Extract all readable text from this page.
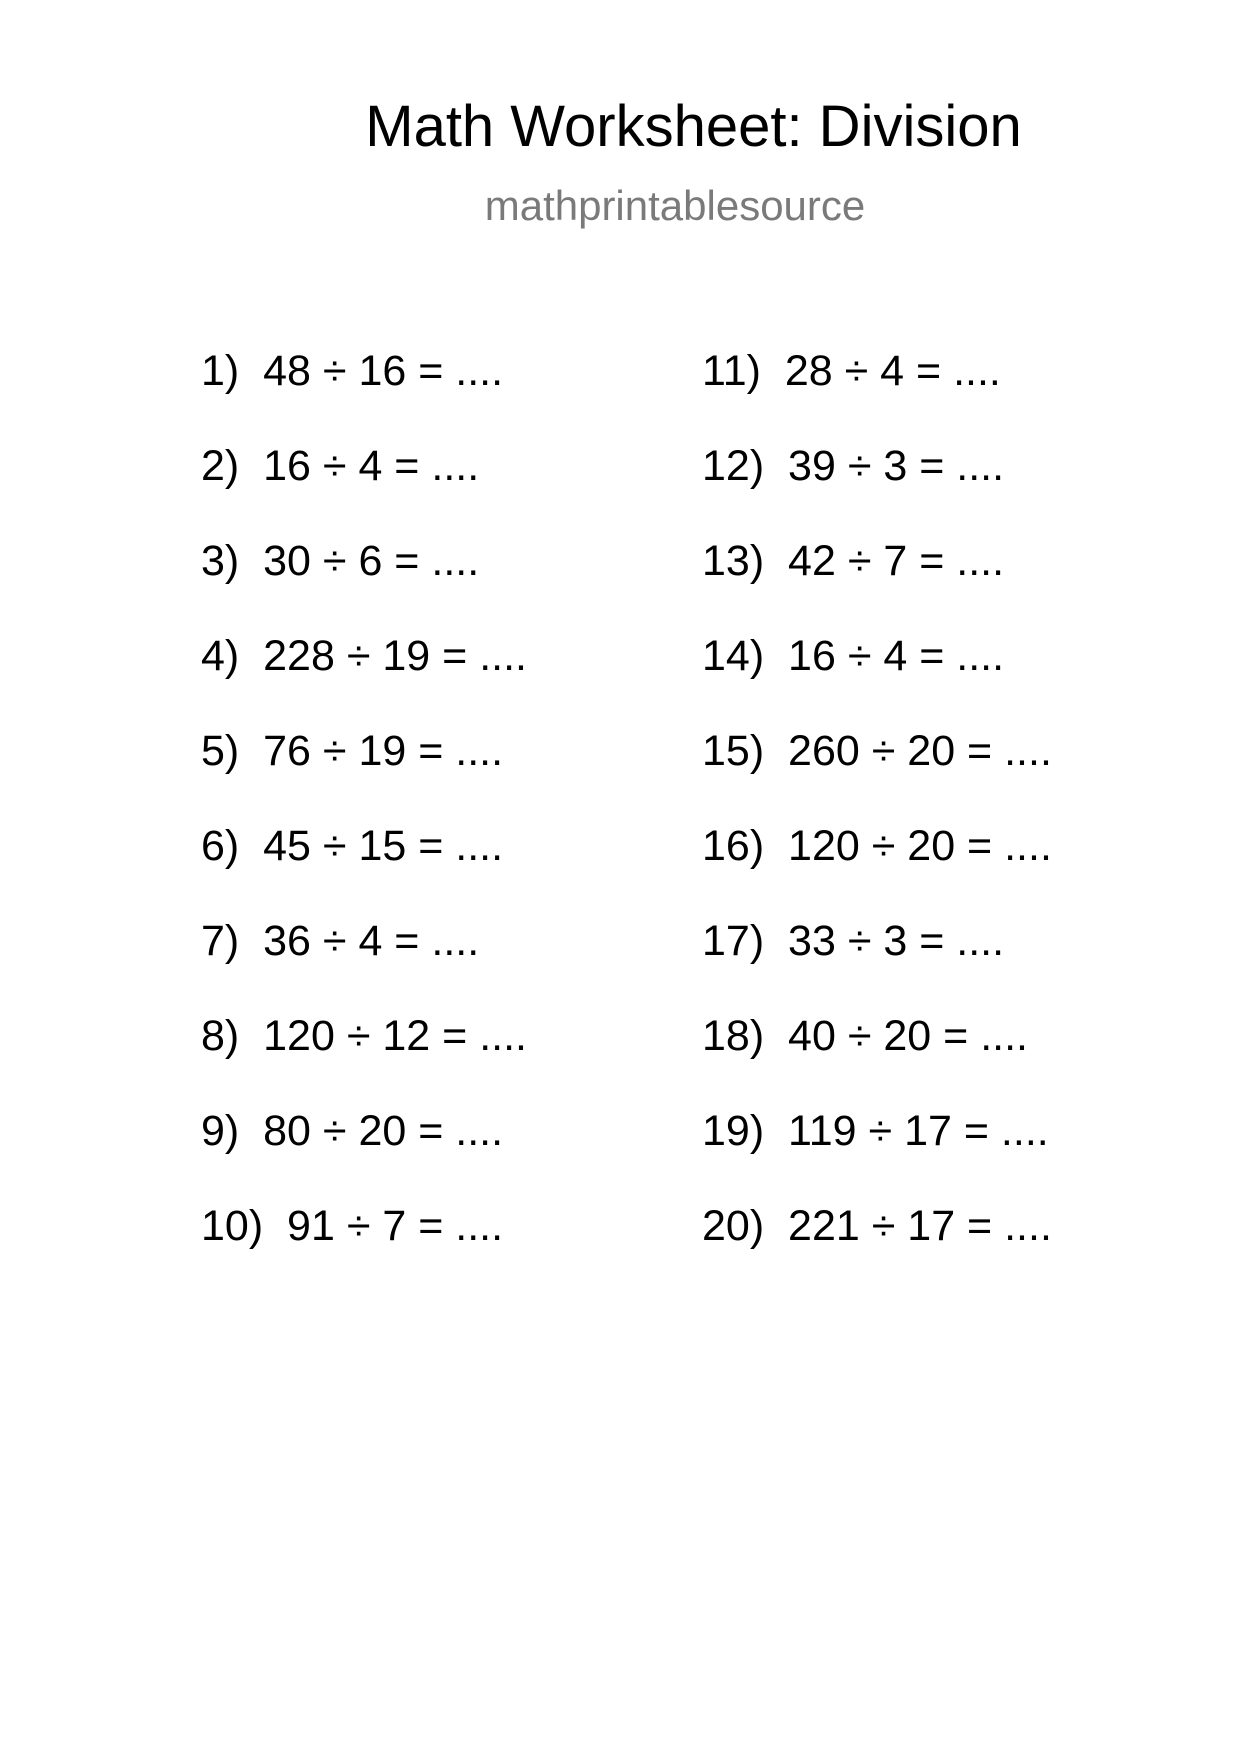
Math Worksheet: Division
mathprintablesource
1)  48 ÷ 16 = ....
2)  16 ÷ 4 = ....
3)  30 ÷ 6 = ....
4)  228 ÷ 19 = ....
5)  76 ÷ 19 = ....
6)  45 ÷ 15 = ....
7)  36 ÷ 4 = ....
8)  120 ÷ 12 = ....
9)  80 ÷ 20 = ....
10)  91 ÷ 7 = ....
11)  28 ÷ 4 = ....
12)  39 ÷ 3 = ....
13)  42 ÷ 7 = ....
14)  16 ÷ 4 = ....
15)  260 ÷ 20 = ....
16)  120 ÷ 20 = ....
17)  33 ÷ 3 = ....
18)  40 ÷ 20 = ....
19)  119 ÷ 17 = ....
20)  221 ÷ 17 = ....
